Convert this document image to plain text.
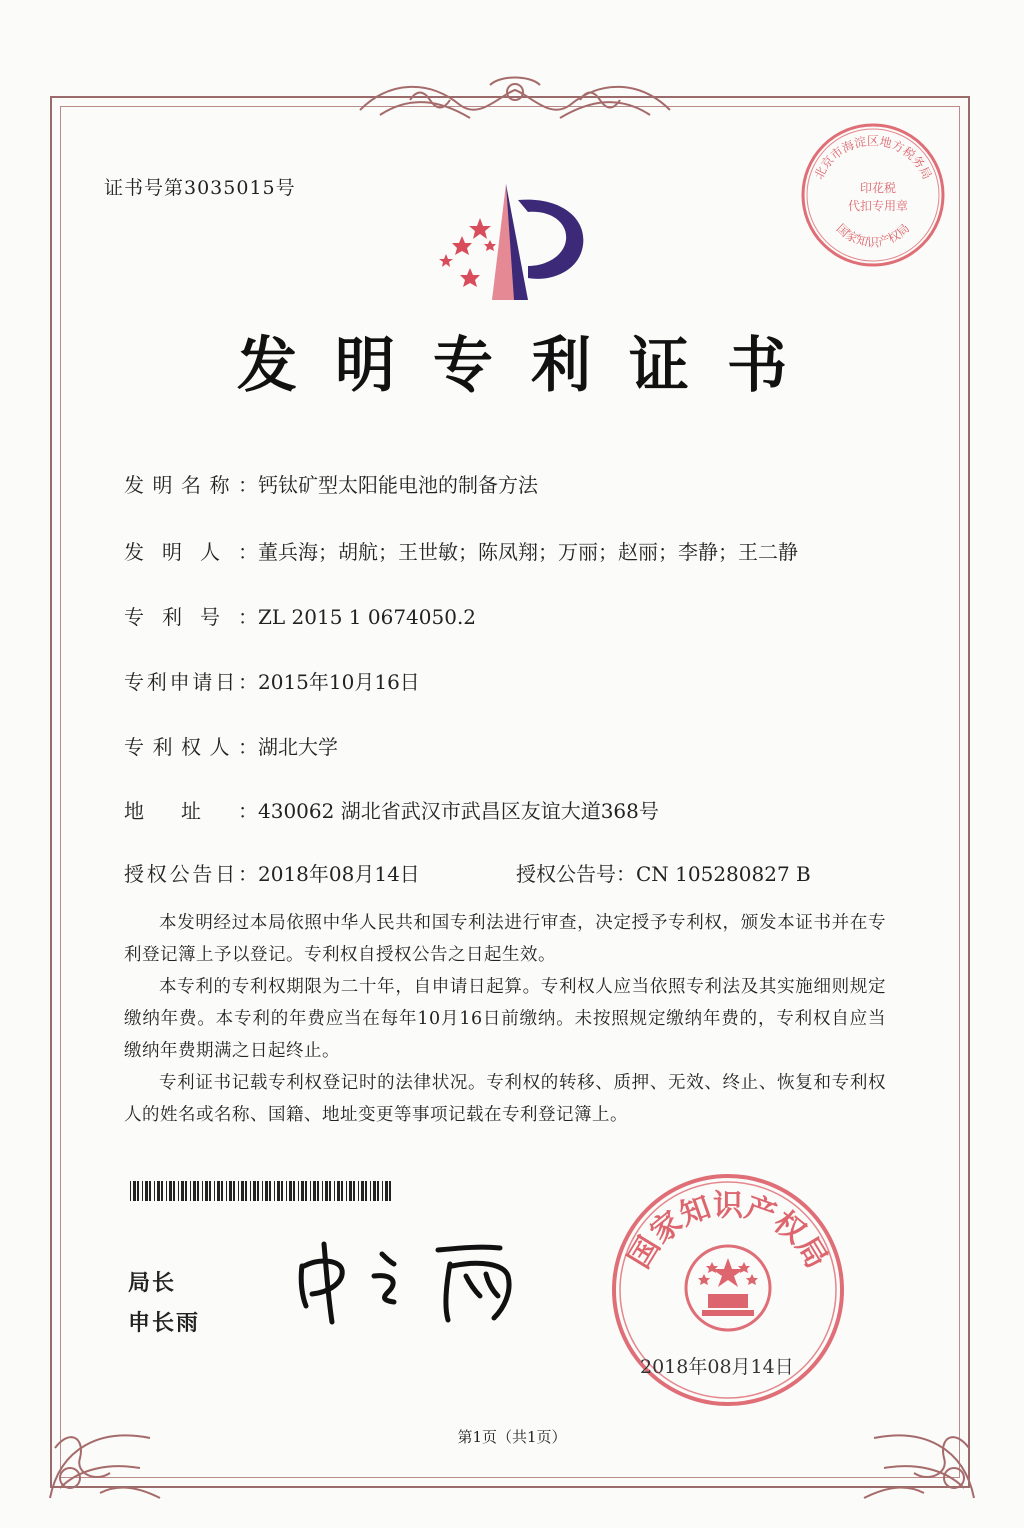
证书号第3035015号
北京市海淀区地方税务局
印花税
代扣专用章
国家知识产权局
发明专利证书
发明名称：钙钛矿型太阳能电池的制备方法
发明人：董兵海；胡航；王世敏；陈凤翔；万丽；赵丽；李静；王二静
专利号：ZL 2015 1 0674050.2
专利申请日：2015年10月16日
专利权人：湖北大学
地址：430062 湖北省武汉市武昌区友谊大道368号
授权公告日：2018年08月14日	授权公告号：CN 105280827 B
本发明经过本局依照中华人民共和国专利法进行审查，决定授予专利权，颁发本证书并在专利登记簿上予以登记。专利权自授权公告之日起生效。
本专利的专利权期限为二十年，自申请日起算。专利权人应当依照专利法及其实施细则规定缴纳年费。本专利的年费应当在每年10月16日前缴纳。未按照规定缴纳年费的，专利权自应当缴纳年费期满之日起终止。
专利证书记载专利权登记时的法律状况。专利权的转移、质押、无效、终止、恢复和专利权人的姓名或名称、国籍、地址变更等事项记载在专利登记簿上。
局长
申长雨
国家知识产权局
2018年08月14日
第1页（共1页）
